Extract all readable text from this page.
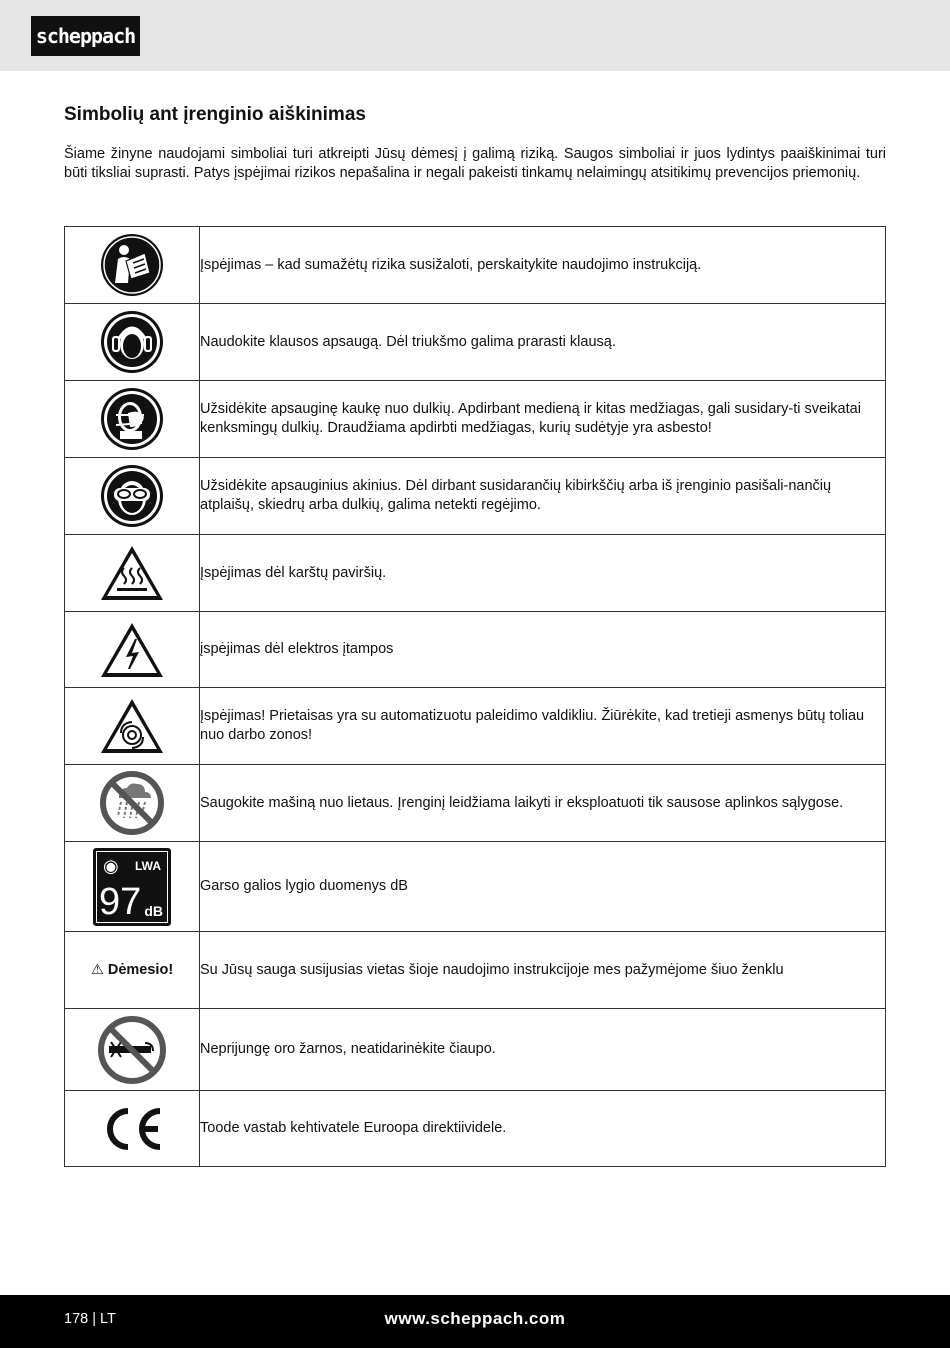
scheppach
Simbolių ant įrenginio aiškinimas

Šiame žinyne naudojami simboliai turi atkreipti Jūsų dėmesį į galimą riziką. Saugos simboliai ir juos lydintys paaiškinimai turi būti tiksliai suprasti. Patys įspėjimai rizikos nepašalina ir negali pakeisti tinkamų nelaimingų atsitikimų prevencijos priemonių.

	Įspėjimas – kad sumažėtų rizika susižaloti, perskaitykite naudojimo instrukciją.

	Naudokite klausos apsaugą. Dėl triukšmo galima prarasti klausą.

	Užsidėkite apsauginę kaukę nuo dulkių. Apdirbant medieną ir kitas medžiagas, gali susidary-ti sveikatai kenksmingų dulkių. Draudžiama apdirbti medžiagas, kurių sudėtyje yra asbesto!

	Užsidėkite apsauginius akinius. Dėl dirbant susidarančių kibirkščių arba iš įrenginio pasišali-nančių atplaišų, skiedrų arba dulkių, galima netekti regėjimo.

	Įspėjimas dėl karštų paviršių.

	įspėjimas dėl elektros įtampos

	Įspėjimas! Prietaisas yra su automatizuotu paleidimo valdikliu. Žiūrėkite, kad tretieji asmenys būtų toliau nuo darbo zonos!

	Saugokite mašiną nuo lietaus. Įrenginį leidžiama laikyti ir eksploatuoti tik sausose aplinkos sąlygose.

◉ LWA
97 dB	Garso galios lygio duomenys dB
⚠ Dėmesio!	Su Jūsų sauga susijusias vietas šioje naudojimo instrukcijoje mes pažymėjome šiuo ženklu

	Neprijungę oro žarnos, neatidarinėkite čiaupo.

	Toode vastab kehtivatele Euroopa direktiividele.
178 | LT	www.scheppach.com
